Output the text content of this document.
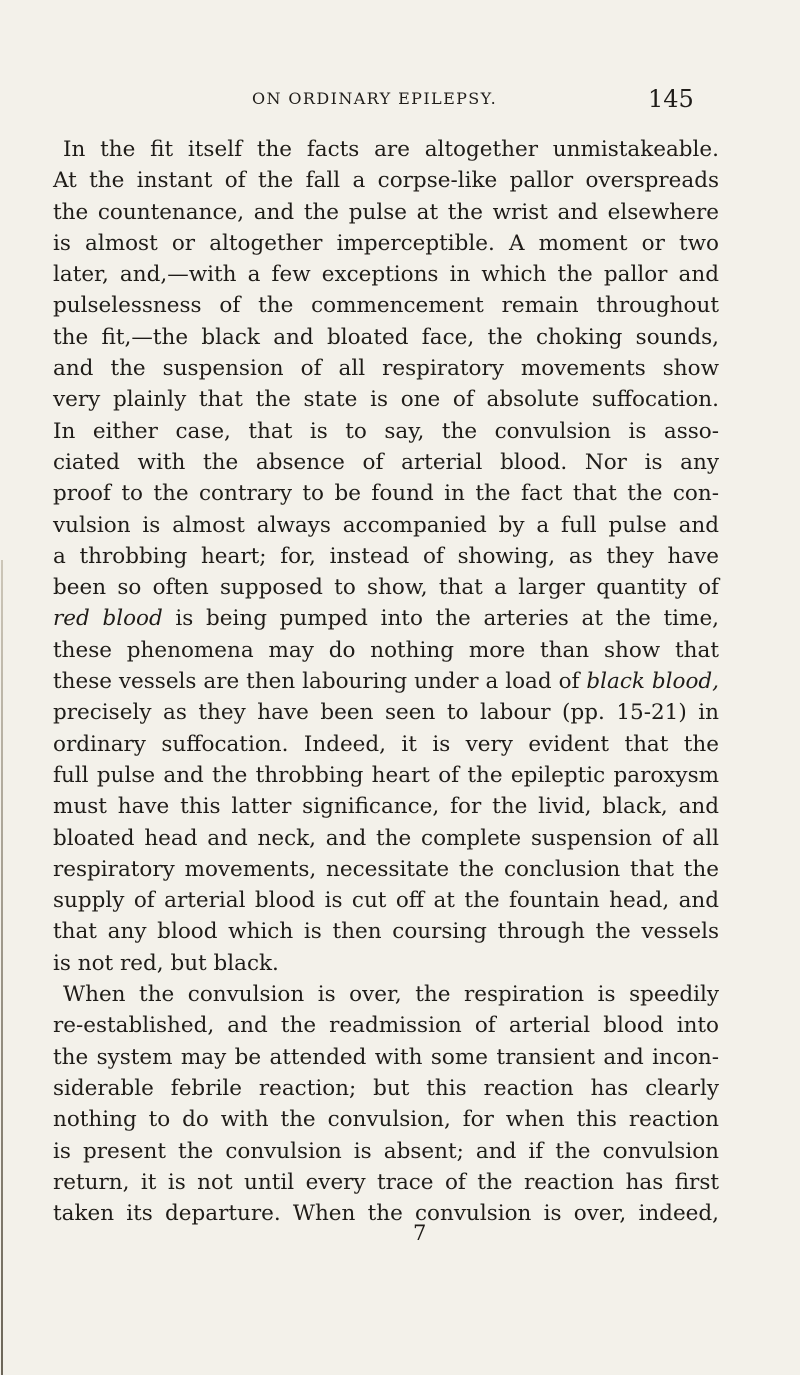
ON ORDINARY EPILEPSY.	145
In the fit itself the facts are altogether unmistakeable.
At the instant of the fall a corpse-like pallor overspreads
the countenance, and the pulse at the wrist and elsewhere
is almost or altogether imperceptible. A moment or two
later, and,—with a few exceptions in which the pallor and
pulselessness of the commencement remain throughout
the fit,—the black and bloated face, the choking sounds,
and the suspension of all respiratory movements show
very plainly that the state is one of absolute suffocation.
In either case, that is to say, the convulsion is asso-
ciated with the absence of arterial blood. Nor is any
proof to the contrary to be found in the fact that the con-
vulsion is almost always accompanied by a full pulse and
a throbbing heart; for, instead of showing, as they have
been so often supposed to show, that a larger quantity of
red blood is being pumped into the arteries at the time,
these phenomena may do nothing more than show that
these vessels are then labouring under a load of black blood,
precisely as they have been seen to labour (pp. 15-21) in
ordinary suffocation. Indeed, it is very evident that the
full pulse and the throbbing heart of the epileptic paroxysm
must have this latter significance, for the livid, black, and
bloated head and neck, and the complete suspension of all
respiratory movements, necessitate the conclusion that the
supply of arterial blood is cut off at the fountain head, and
that any blood which is then coursing through the vessels
is not red, but black.
When the convulsion is over, the respiration is speedily
re-established, and the readmission of arterial blood into
the system may be attended with some transient and incon-
siderable febrile reaction; but this reaction has clearly
nothing to do with the convulsion, for when this reaction
is present the convulsion is absent; and if the convulsion
return, it is not until every trace of the reaction has first
taken its departure. When the convulsion is over, indeed,
7
